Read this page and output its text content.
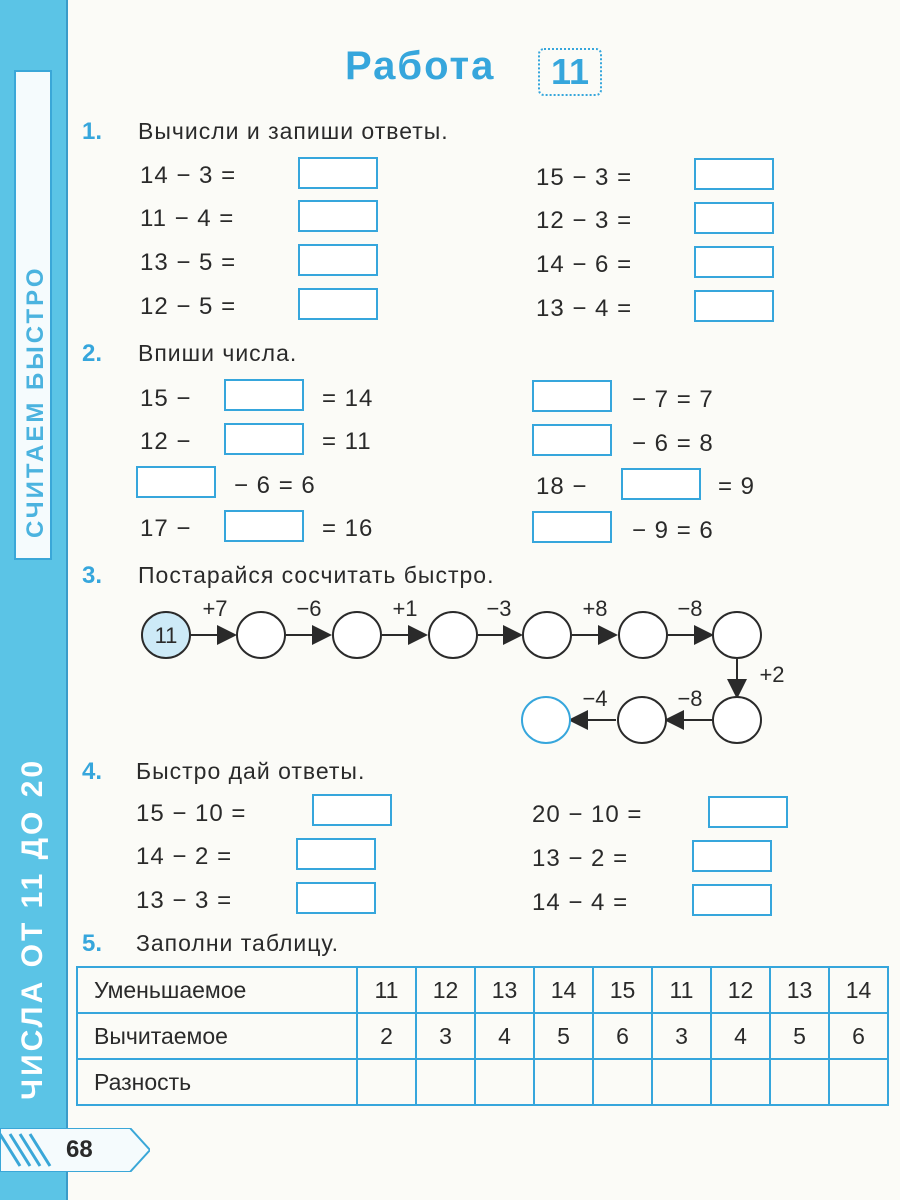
СЧИТАЕМ БЫСТРО
ЧИСЛА ОТ 11 ДО 20
68
Работа	11
1. Вычисли и запиши ответы.
14 − 3 =
11 − 4 =
13 − 5 =
12 − 5 =
15 − 3 =
12 − 3 =
14 − 6 =
13 − 4 =
2. Впиши числа.
15 −	= 14
12 −	= 11
− 6 = 6
17 −	= 16
− 7 = 7
− 6 = 8
18 −	= 9
− 9 = 6
3. Постарайся сосчитать быстро.
11
+7	−6	+1	−3	+8	−8
+2
−8
−4
4. Быстро дай ответы.
15 − 10 =
14 − 2 =
13 − 3 =
20 − 10 =
13 − 2 =
14 − 4 =
5. Заполни таблицу.
Уменьшаемое	11	12	13	14	15	11	12	13	14
Вычитаемое	2	3	4	5	6	3	4	5	6
Разность									
